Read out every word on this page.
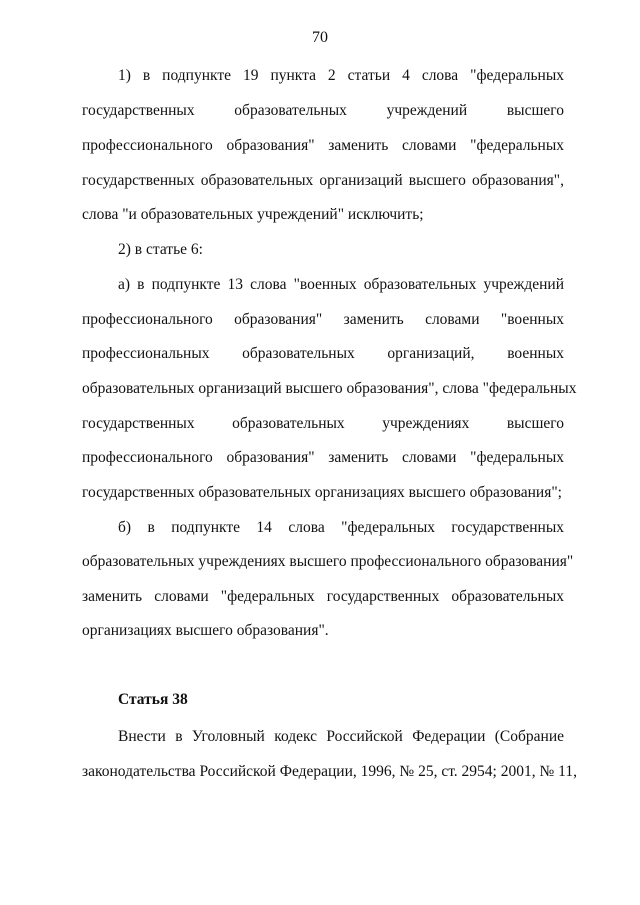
70
1) в подпункте 19 пункта 2 статьи 4 слова "федеральных
государственных образовательных учреждений высшего
профессионального образования" заменить словами "федеральных
государственных образовательных организаций высшего образования",
слова "и образовательных учреждений" исключить;
2) в статье 6:
а) в подпункте 13 слова "военных образовательных учреждений
профессионального образования" заменить словами "военных
профессиональных образовательных организаций, военных
образовательных организаций высшего образования", слова "федеральных
государственных образовательных учреждениях высшего
профессионального образования" заменить словами "федеральных
государственных образовательных организациях высшего образования";
б) в подпункте 14 слова "федеральных государственных
образовательных учреждениях высшего профессионального образования"
заменить словами "федеральных государственных образовательных
организациях высшего образования".
Статья 38
Внести в Уголовный кодекс Российской Федерации (Собрание
законодательства Российской Федерации, 1996, № 25, ст. 2954; 2001, № 11,
